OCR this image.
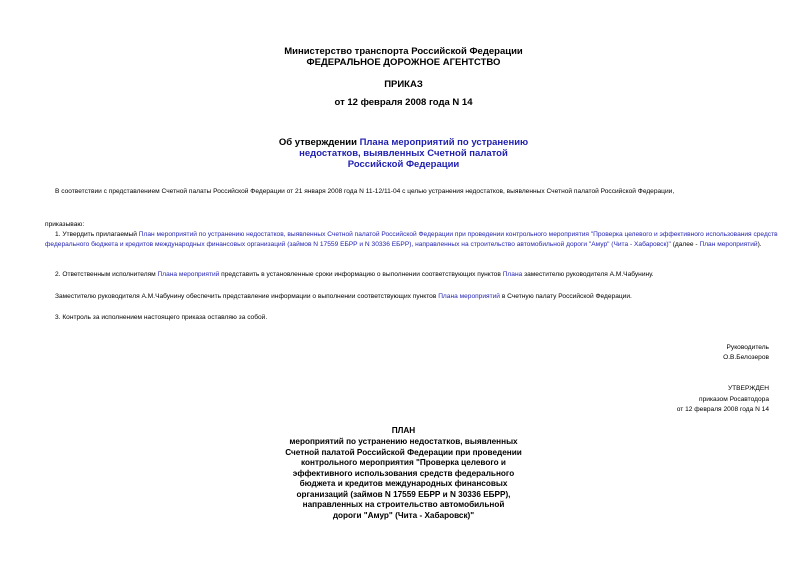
Министерство транспорта Российской Федерации
ФЕДЕРАЛЬНОЕ ДОРОЖНОЕ АГЕНТСТВО
ПРИКАЗ
от 12 февраля 2008 года N 14
Об утверждении Плана мероприятий по устранению
недостатков, выявленных Счетной палатой
Российской Федерации
В соответствии с представлением Счетной палаты Российской Федерации от 21 января 2008 года N 11-12/11-04 с целью устранения недостатков, выявленных Счетной палатой Российской Федерации,
приказываю:
1. Утвердить прилагаемый План мероприятий по устранению недостатков, выявленных Счетной палатой Российской Федерации при проведении контрольного мероприятия "Проверка целевого и эффективного использования средств федерального бюджета и кредитов международных финансовых организаций (займов N 17559 ЕБРР и N 30336 ЕБРР), направленных на строительство автомобильной дороги "Амур" (Чита - Хабаровск)" (далее - План мероприятий).
2. Ответственным исполнителям Плана мероприятий представить в установленные сроки информацию о выполнении соответствующих пунктов Плана заместителю руководителя А.М.Чабунину.
Заместителю руководителя А.М.Чабунину обеспечить представление информации о выполнении соответствующих пунктов Плана мероприятий в Счетную палату Российской Федерации.
3. Контроль за исполнением настоящего приказа оставляю за собой.
Руководитель
О.В.Белозеров
УТВЕРЖДЕН
приказом Росавтодора
от 12 февраля 2008 года N 14
ПЛАН
мероприятий по устранению недостатков, выявленных
Счетной палатой Российской Федерации при проведении
контрольного мероприятия "Проверка целевого и
эффективного использования средств федерального
бюджета и кредитов международных финансовых
организаций (займов N 17559 ЕБРР и N 30336 ЕБРР),
направленных на строительство автомобильной
дороги "Амур" (Чита - Хабаровск)"
